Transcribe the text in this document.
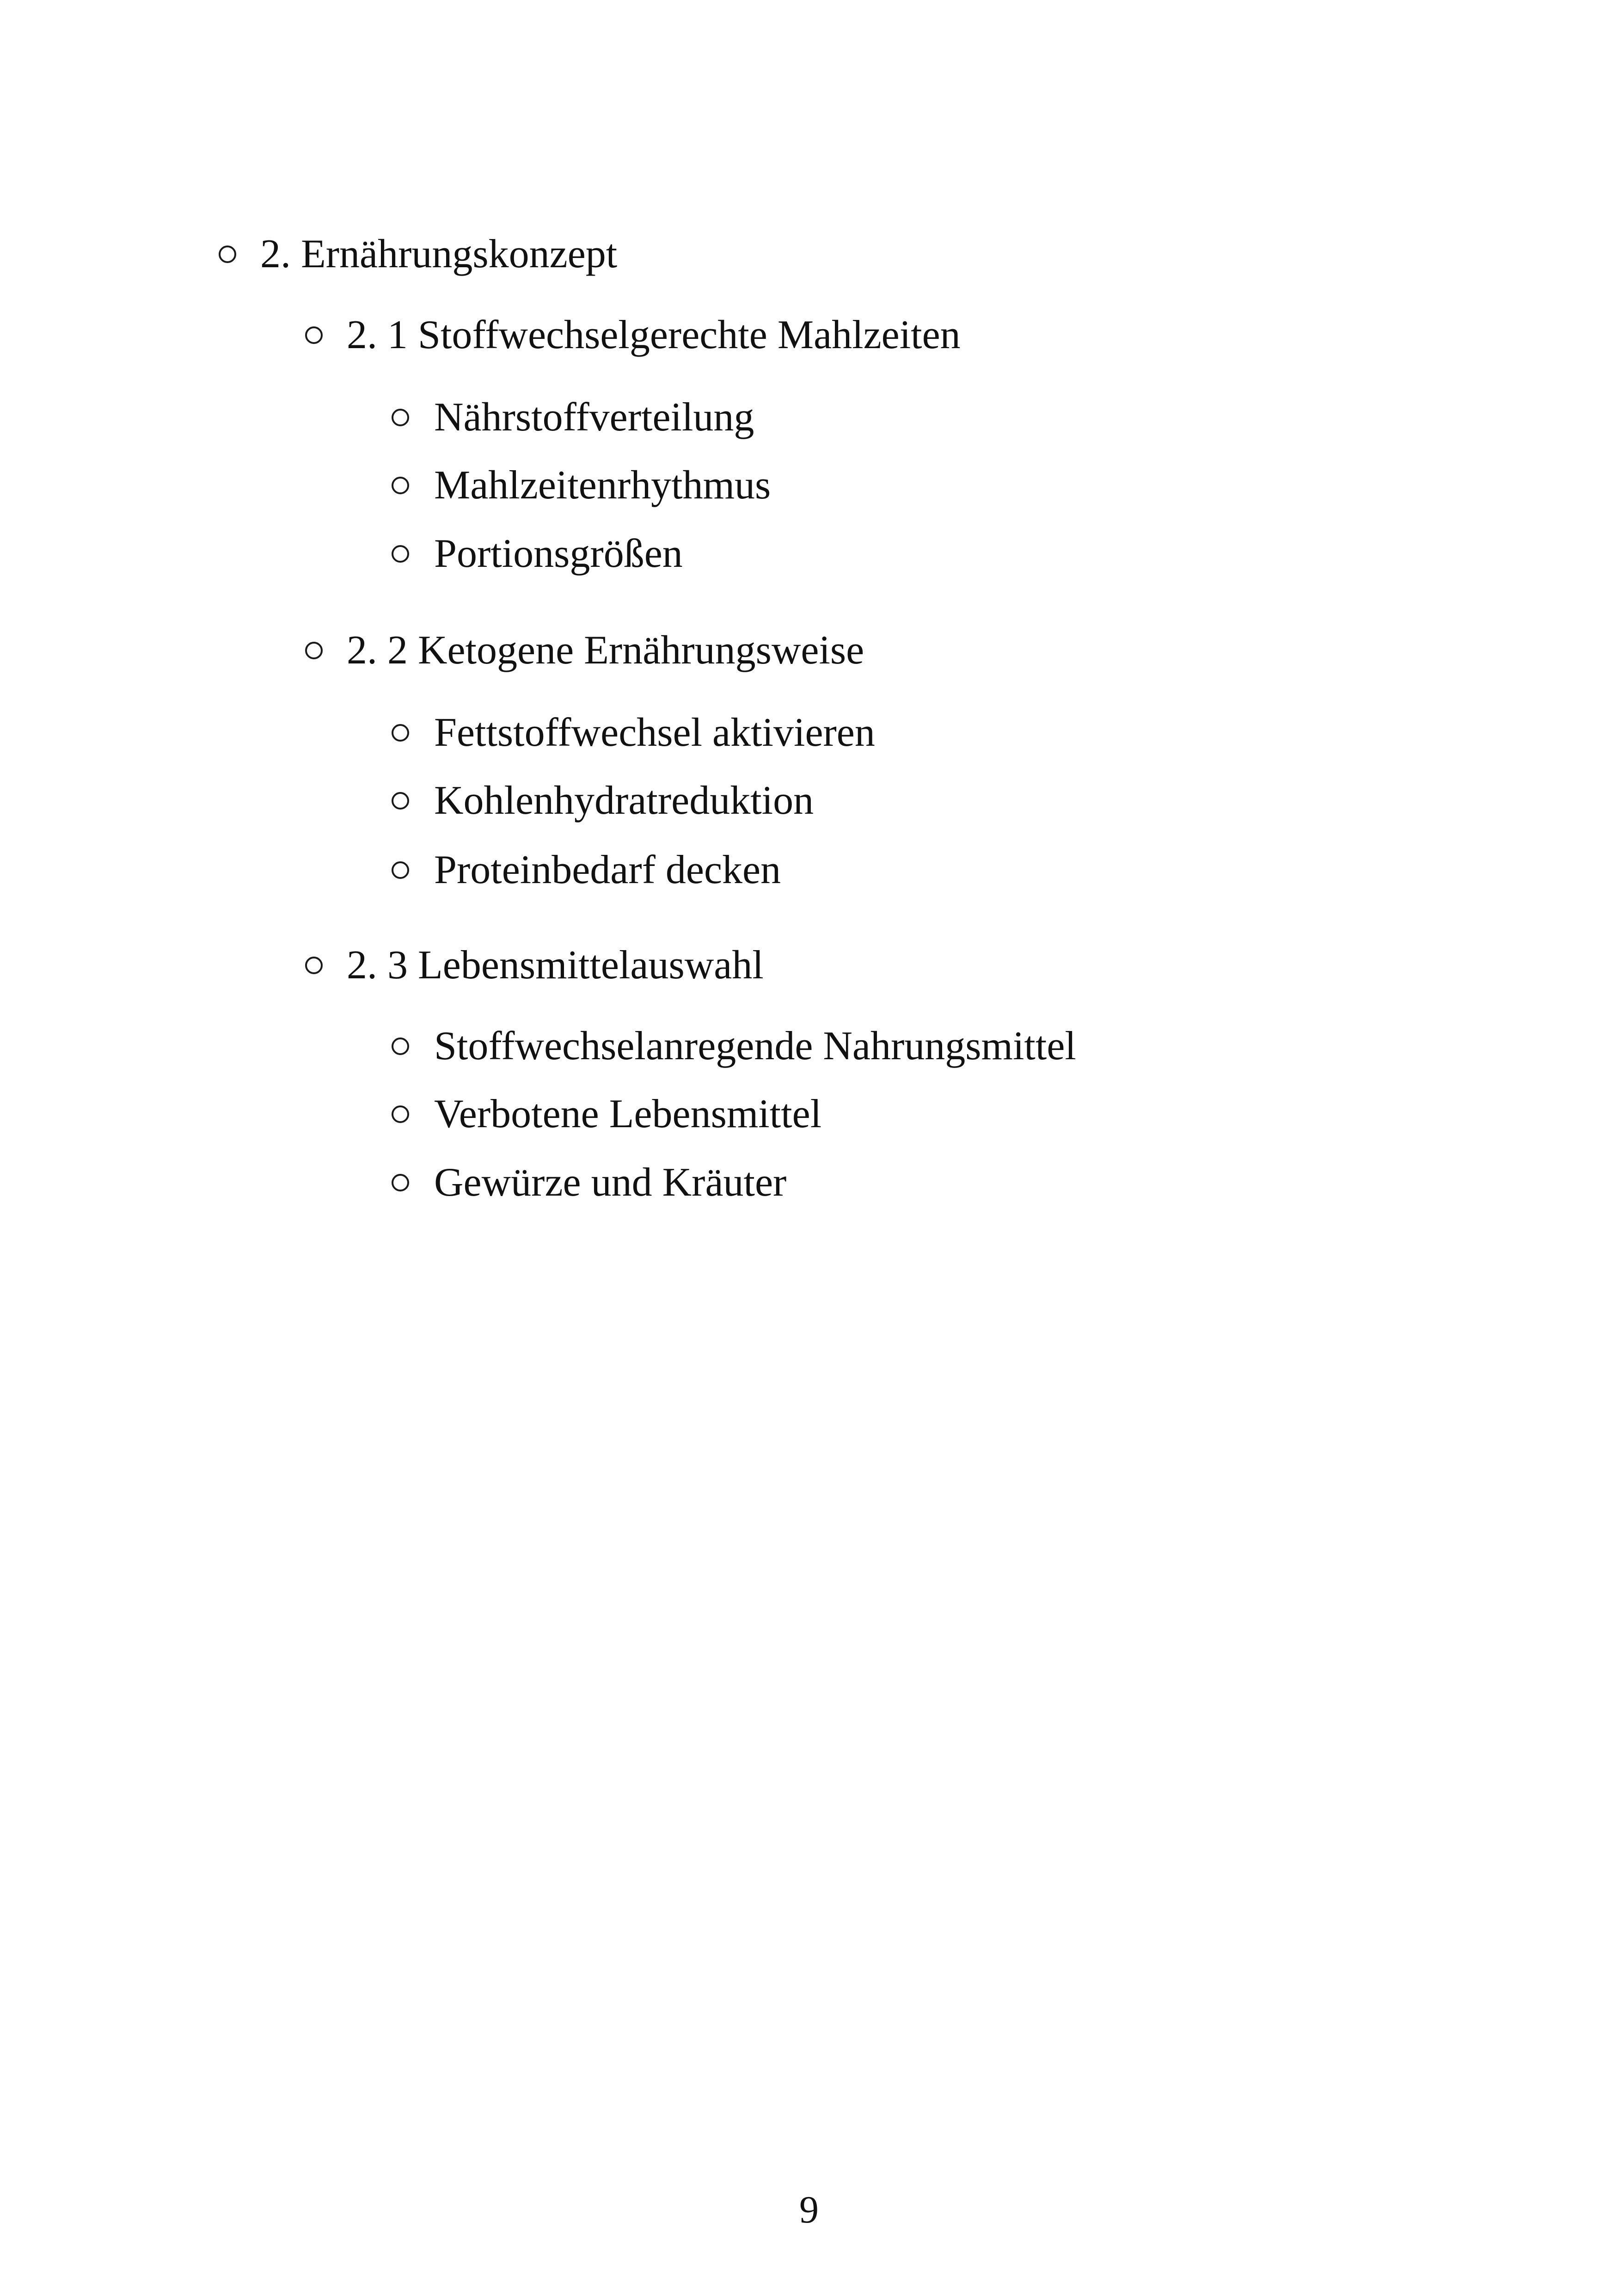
2. Ernährungskonzept
2. 1 Stoffwechselgerechte Mahlzeiten
Nährstoffverteilung
Mahlzeitenrhythmus
Portionsgrößen
2. 2 Ketogene Ernährungsweise
Fettstoffwechsel aktivieren
Kohlenhydratreduktion
Proteinbedarf decken
2. 3 Lebensmittelauswahl
Stoffwechselanregende Nahrungsmittel
Verbotene Lebensmittel
Gewürze und Kräuter
9
